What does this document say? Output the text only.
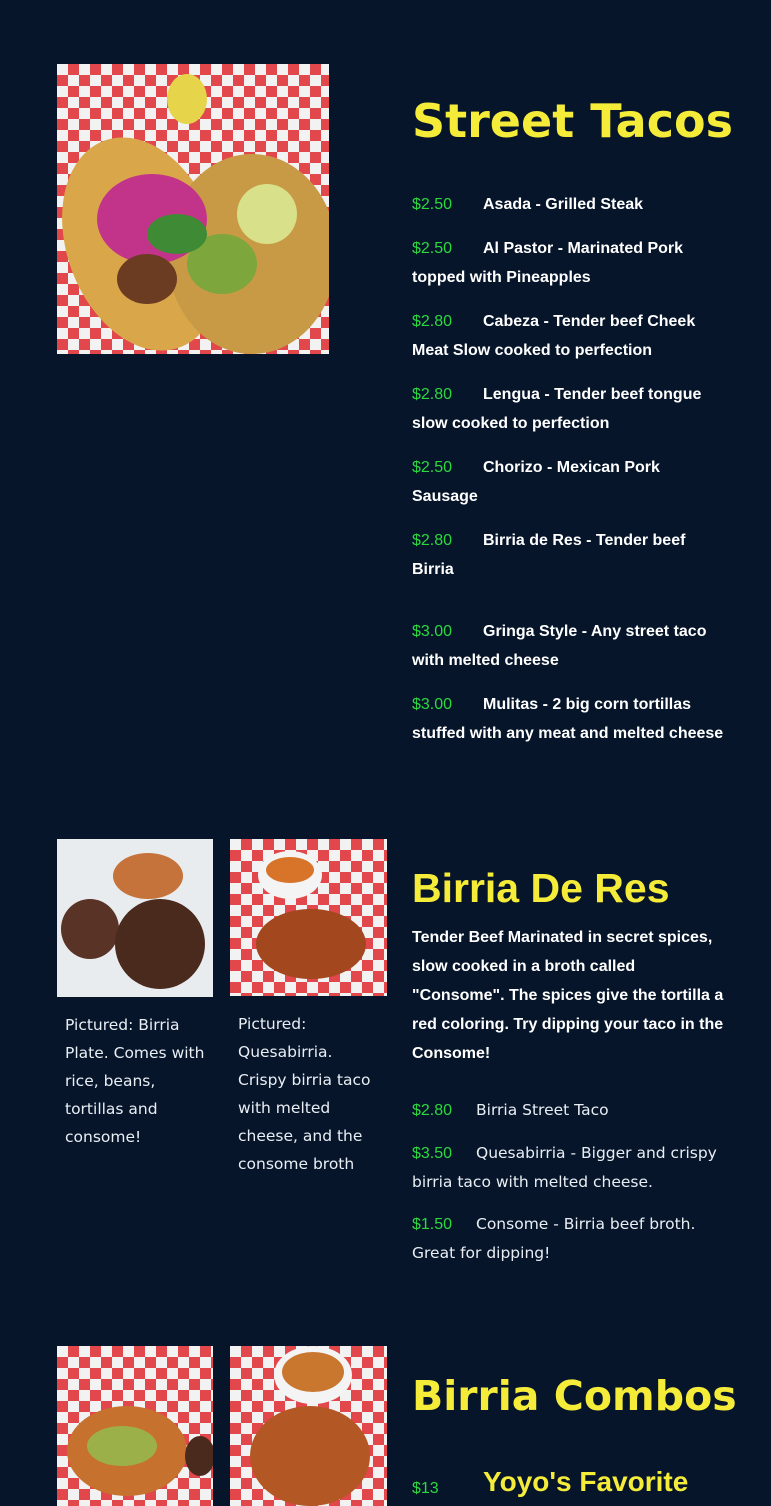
Street Tacos

$2.50 Asada - Grilled Steak

$2.50 Al Pastor - Marinated Pork topped with Pineapples

$2.80 Cabeza - Tender beef Cheek Meat Slow cooked to perfection

$2.80 Lengua - Tender beef tongue slow cooked to perfection

$2.50 Chorizo - Mexican Pork Sausage

$2.80 Birria de Res - Tender beef Birria

$3.00 Gringa Style - Any street taco with melted cheese

$3.00 Mulitas - 2 big corn tortillas stuffed with any meat and melted cheese

Pictured: Birria Plate. Comes with rice, beans, tortillas and consome!

Pictured: Quesabirria. Crispy birria taco with melted cheese, and the consome broth

Birria De Res

Tender Beef Marinated in secret spices, slow cooked in a broth called "Consome". The spices give the tortilla a red coloring. Try dipping your taco in the Consome!

$2.80 Birria Street Taco

$3.50 Quesabirria - Bigger and crispy birria taco with melted cheese.

$1.50 Consome - Birria beef broth. Great for dipping!

Birria Combos
$13 Yoyo's Favorite
